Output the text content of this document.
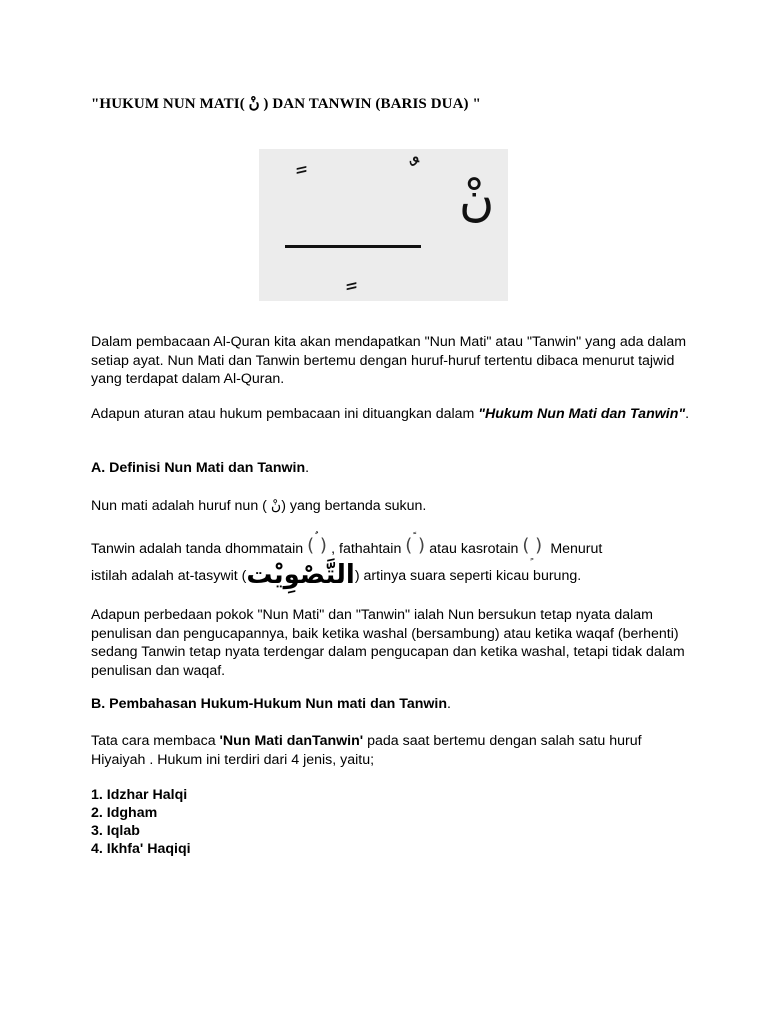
"HUKUM NUN MATI( نْ ) DAN TANWIN (BARIS DUA) "
نْ
Dalam pembacaan Al-Quran kita akan mendapatkan "Nun Mati" atau "Tanwin" yang ada dalam setiap ayat. Nun Mati dan Tanwin bertemu dengan huruf-huruf tertentu dibaca menurut tajwid yang terdapat dalam Al-Quran.
Adapun aturan atau hukum pembacaan ini dituangkan dalam "Hukum Nun Mati dan Tanwin".
A. Definisi Nun Mati dan Tanwin.
Nun mati adalah huruf nun ( نْ) yang bertanda sukun.
Tanwin adalah tanda dhommatain ( ) , fathahtain ( ) atau kasrotain ( ) Menurut
istilah adalah at-tasywit (التَّصْوِيْت) artinya suara seperti kicau burung.
Adapun perbedaan pokok "Nun Mati" dan "Tanwin" ialah Nun bersukun tetap nyata dalam penulisan dan pengucapannya, baik ketika washal (bersambung) atau ketika waqaf (berhenti) sedang Tanwin tetap nyata terdengar dalam pengucapan dan ketika washal, tetapi tidak dalam penulisan dan waqaf.
B. Pembahasan Hukum-Hukum Nun mati dan Tanwin.
Tata cara membaca 'Nun Mati danTanwin' pada saat bertemu dengan salah satu huruf Hiyaiyah . Hukum ini terdiri dari 4 jenis, yaitu;
1. Idzhar Halqi
2. Idgham
3. Iqlab
4. Ikhfa' Haqiqi
